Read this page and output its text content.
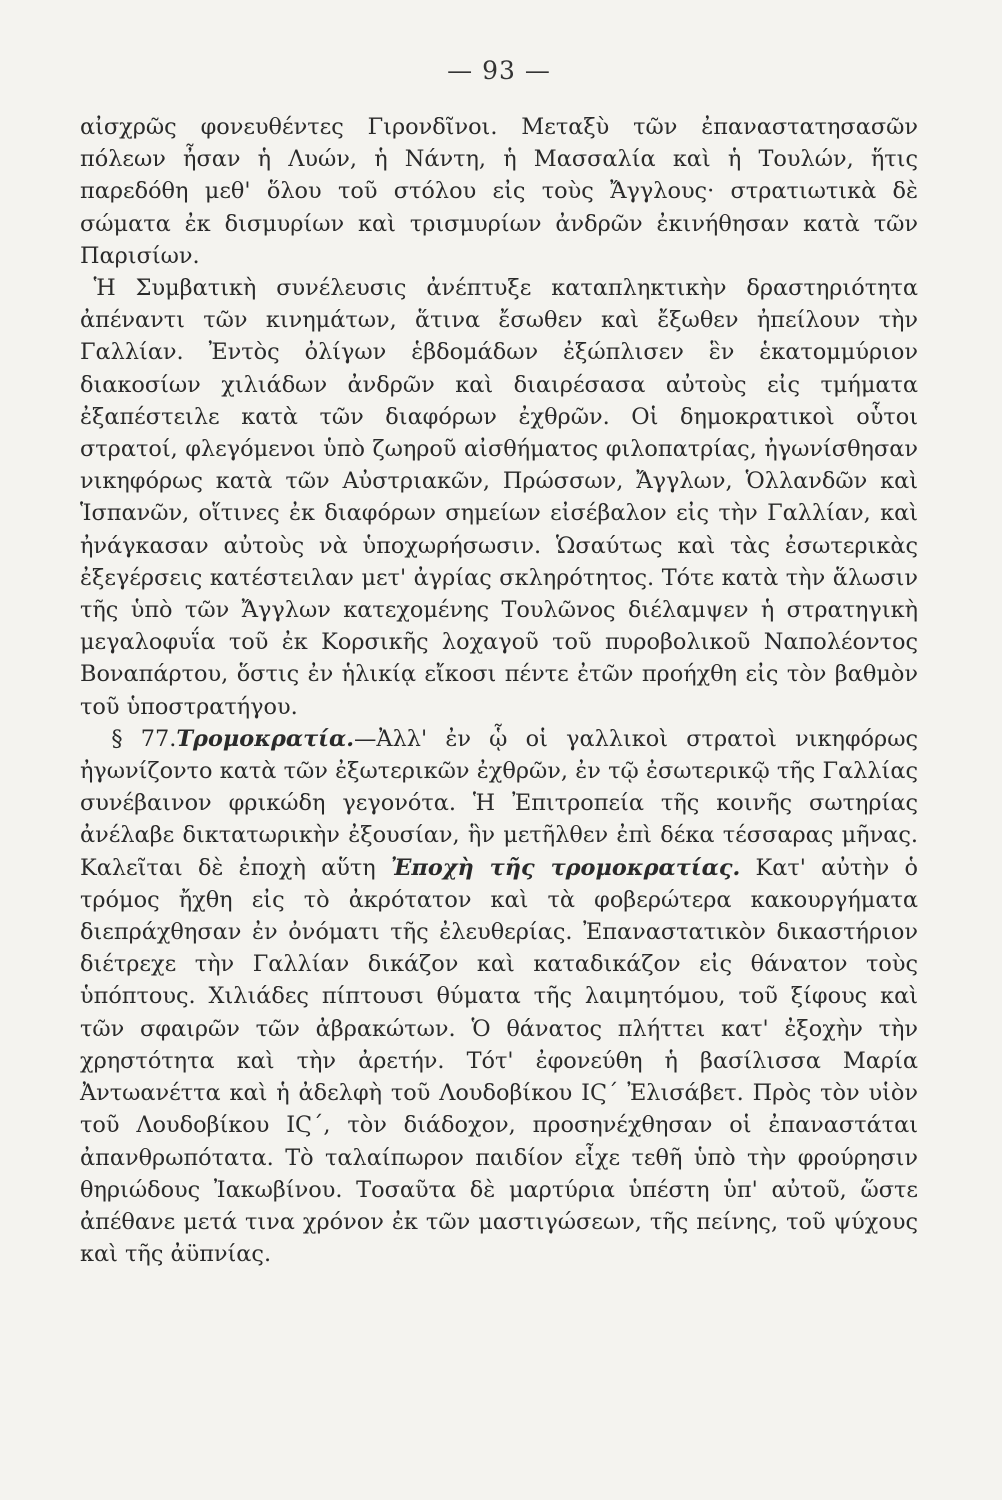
— 93 —

αἰσχρῶς φονευθέντες Γιρονδῖνοι. Μεταξὺ τῶν ἐπαναστατησασῶν πόλεων ἦσαν ἡ Λυών, ἡ Νάντη, ἡ Μασσαλία καὶ ἡ Τουλών, ἥτις παρεδόθη μεθ' ὅλου τοῦ στόλου εἰς τοὺς Ἄγγλους· στρατιωτικὰ δὲ σώματα ἐκ δισμυρίων καὶ τρισμυρίων ἀνδρῶν ἐκινήθησαν κατὰ τῶν Παρισίων.

Ἡ Συμβατικὴ συνέλευσις ἀνέπτυξε καταπληκτικὴν δραστηριότητα ἀπέναντι τῶν κινημάτων, ἅτινα ἔσωθεν καὶ ἔξωθεν ἠπείλουν τὴν Γαλλίαν. Ἐντὸς ὀλίγων ἑβδομάδων ἐξώπλισεν ἓν ἑκατομμύριον διακοσίων χιλιάδων ἀνδρῶν καὶ διαιρέσασα αὐτοὺς εἰς τμήματα ἐξαπέστειλε κατὰ τῶν διαφόρων ἐχθρῶν. Οἱ δημοκρατικοὶ οὗτοι στρατοί, φλεγόμενοι ὑπὸ ζωηροῦ αἰσθήματος φιλοπατρίας, ἠγωνίσθησαν νικηφόρως κατὰ τῶν Αὐστριακῶν, Πρώσσων, Ἄγγλων, Ὁλλανδῶν καὶ Ἱσπανῶν, οἵτινες ἐκ διαφόρων σημείων εἰσέβαλον εἰς τὴν Γαλλίαν, καὶ ἠνάγκασαν αὐτοὺς νὰ ὑποχωρήσωσιν. Ὡσαύτως καὶ τὰς ἐσωτερικὰς ἐξεγέρσεις κατέστειλαν μετ' ἀγρίας σκληρότητος. Τότε κατὰ τὴν ἅλωσιν τῆς ὑπὸ τῶν Ἄγγλων κατεχομένης Τουλῶνος διέλαμψεν ἡ στρατηγικὴ μεγαλοφυΐα τοῦ ἐκ Κορσικῆς λοχαγοῦ τοῦ πυροβολικοῦ Ναπολέοντος Βοναπάρτου, ὅστις ἐν ἡλικίᾳ εἴκοσι πέντε ἐτῶν προήχθη εἰς τὸν βαθμὸν τοῦ ὑποστρατήγου.

§ 77.Τρομοκρατία.—Ἀλλ' ἐν ᾧ οἱ γαλλικοὶ στρατοὶ νικηφόρως ἠγωνίζοντο κατὰ τῶν ἐξωτερικῶν ἐχθρῶν, ἐν τῷ ἐσωτερικῷ τῆς Γαλλίας συνέβαινον φρικώδη γεγονότα. Ἡ Ἐπιτροπεία τῆς κοινῆς σωτηρίας ἀνέλαβε δικτατωρικὴν ἐξουσίαν, ἣν μετῆλθεν ἐπὶ δέκα τέσσαρας μῆνας. Καλεῖται δὲ ἐποχὴ αὕτη Ἐποχὴ τῆς τρομοκρατίας. Κατ' αὐτὴν ὁ τρόμος ἤχθη εἰς τὸ ἀκρότατον καὶ τὰ φοβερώτερα κακουργήματα διεπράχθησαν ἐν ὀνόματι τῆς ἐλευθερίας. Ἐπαναστατικὸν δικαστήριον διέτρεχε τὴν Γαλλίαν δικάζον καὶ καταδικάζον εἰς θάνατον τοὺς ὑπόπτους. Χιλιάδες πίπτουσι θύματα τῆς λαιμητόμου, τοῦ ξίφους καὶ τῶν σφαιρῶν τῶν ἀβρακώτων. Ὁ θάνατος πλήττει κατ' ἐξοχὴν τὴν χρηστότητα καὶ τὴν ἀρετήν. Τότ' ἐφονεύθη ἡ βασίλισσα Μαρία Ἀντωανέττα καὶ ἡ ἀδελφὴ τοῦ Λουδοβίκου ΙϚ΄ Ἐλισάβετ. Πρὸς τὸν υἱὸν τοῦ Λουδοβίκου ΙϚ΄, τὸν διάδοχον, προσηνέχθησαν οἱ ἐπαναστάται ἀπανθρωπότατα. Τὸ ταλαίπωρον παιδίον εἶχε τεθῆ ὑπὸ τὴν φρούρησιν θηριώδους Ἰακωβίνου. Τοσαῦτα δὲ μαρτύρια ὑπέστη ὑπ' αὐτοῦ, ὥστε ἀπέθανε μετά τινα χρόνον ἐκ τῶν μαστιγώσεων, τῆς πείνης, τοῦ ψύχους καὶ τῆς ἀϋπνίας.
